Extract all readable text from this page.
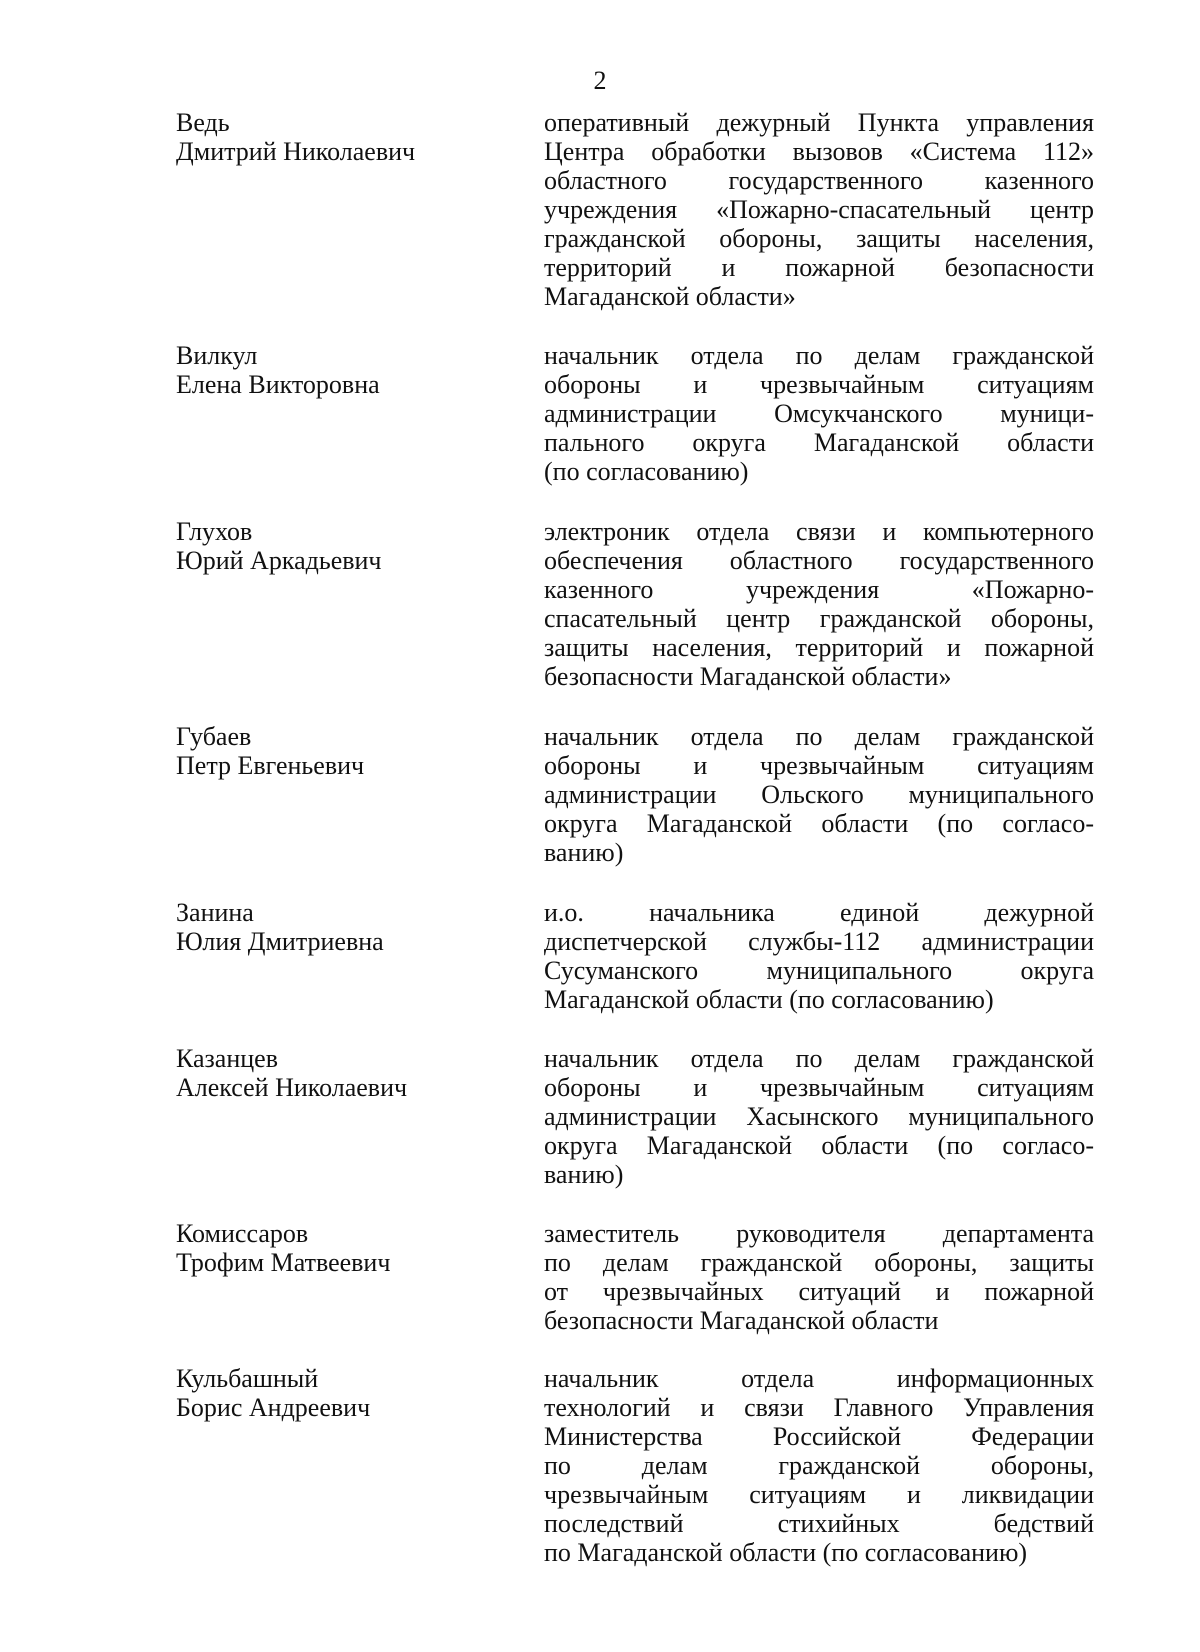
2
Ведь
Дмитрий Николаевич
оперативный дежурный Пункта управления
Центра обработки вызовов «Система 112»
областного государственного казенного
учреждения «Пожарно-спасательный центр
гражданской обороны, защиты населения,
территорий и пожарной безопасности
Магаданской области»
Вилкул
Елена Викторовна
начальник отдела по делам гражданской
обороны и чрезвычайным ситуациям
администрации Омсукчанского муници-
пального округа Магаданской области
(по согласованию)
Глухов
Юрий Аркадьевич
электроник отдела связи и компьютерного
обеспечения областного государственного
казенного учреждения «Пожарно-
спасательный центр гражданской обороны,
защиты населения, территорий и пожарной
безопасности Магаданской области»
Губаев
Петр Евгеньевич
начальник отдела по делам гражданской
обороны и чрезвычайным ситуациям
администрации Ольского муниципального
округа Магаданской области (по согласо-
ванию)
Занина
Юлия Дмитриевна
и.о. начальника единой дежурной
диспетчерской службы-112 администрации
Сусуманского муниципального округа
Магаданской области (по согласованию)
Казанцев
Алексей Николаевич
начальник отдела по делам гражданской
обороны и чрезвычайным ситуациям
администрации Хасынского муниципального
округа Магаданской области (по согласо-
ванию)
Комиссаров
Трофим Матвеевич
заместитель руководителя департамента
по делам гражданской обороны, защиты
от чрезвычайных ситуаций и пожарной
безопасности Магаданской области
Кульбашный
Борис Андреевич
начальник отдела информационных
технологий и связи Главного Управления
Министерства Российской Федерации
по делам гражданской обороны,
чрезвычайным ситуациям и ликвидации
последствий стихийных бедствий
по Магаданской области (по согласованию)
